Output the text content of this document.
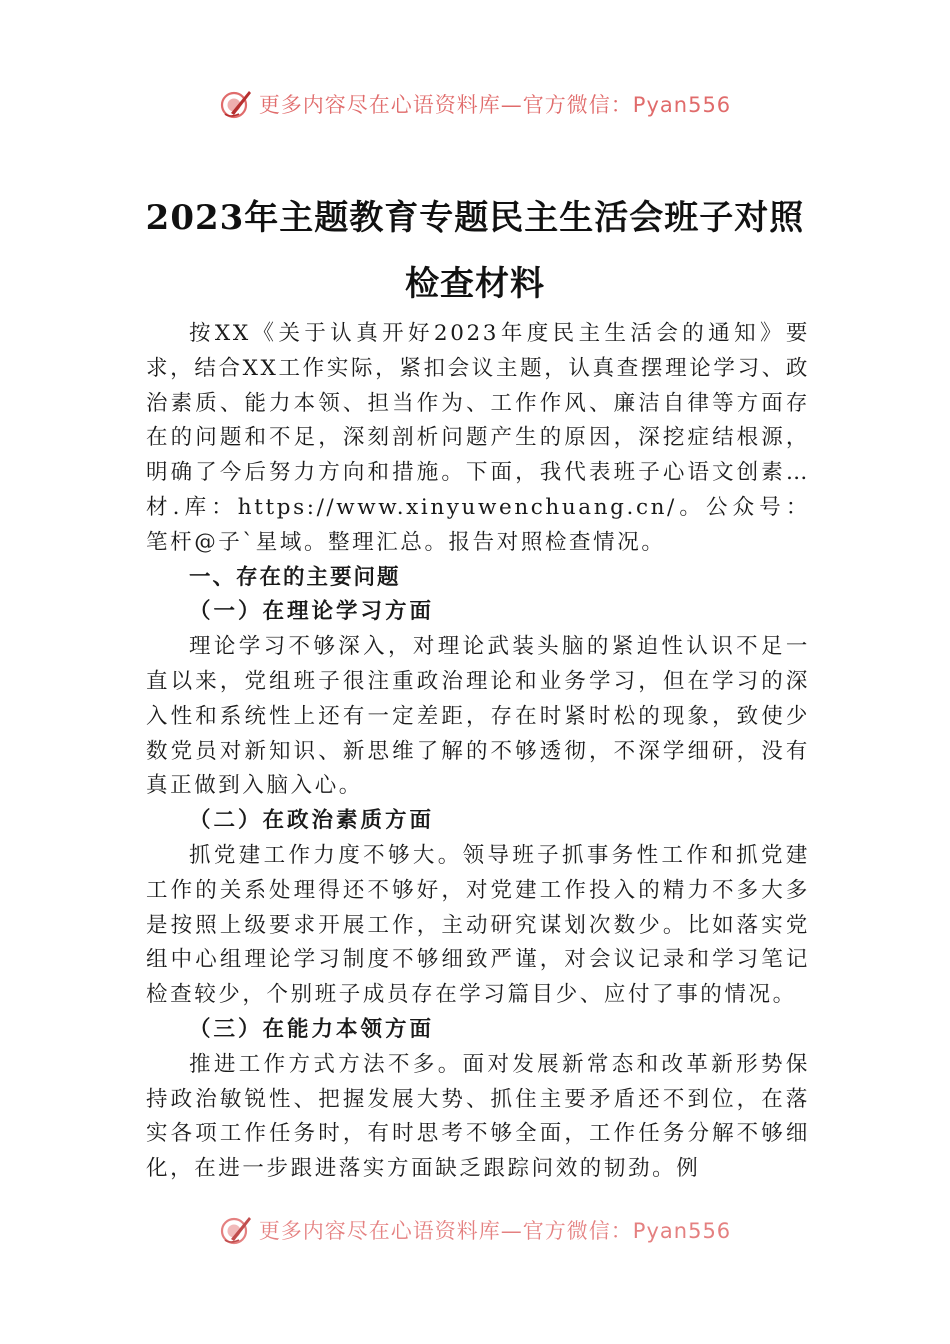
更多内容尽在心语资料库—官方微信：Pyan556
2023年主题教育专题民主生活会班子对照
检查材料

按XX《关于认真开好2023年度民主生活会的通知》要求，结合XX工作实际，紧扣会议主题，认真查摆理论学习、政治素质、能力本领、担当作为、工作作风、廉洁自律等方面存在的问题和不足，深刻剖析问题产生的原因，深挖症结根源，明确了今后努力方向和措施。下面，我代表班子心语文创素…材.库：https://www.xinyuwenchuang.cn/。公众号：笔杆@子`星域。整理汇总。报告对照检查情况。

一、存在的主要问题

（一）在理论学习方面

理论学习不够深入，对理论武装头脑的紧迫性认识不足一直以来，党组班子很注重政治理论和业务学习，但在学习的深入性和系统性上还有一定差距，存在时紧时松的现象，致使少数党员对新知识、新思维了解的不够透彻，不深学细研，没有真正做到入脑入心。

（二）在政治素质方面

抓党建工作力度不够大。领导班子抓事务性工作和抓党建工作的关系处理得还不够好，对党建工作投入的精力不多大多是按照上级要求开展工作，主动研究谋划次数少。比如落实党组中心组理论学习制度不够细致严谨，对会议记录和学习笔记检查较少，个别班子成员存在学习篇目少、应付了事的情况。

（三）在能力本领方面

推进工作方式方法不多。面对发展新常态和改革新形势保持政治敏锐性、把握发展大势、抓住主要矛盾还不到位，在落实各项工作任务时，有时思考不够全面，工作任务分解不够细化，在进一步跟进落实方面缺乏跟踪问效的韧劲。例

更多内容尽在心语资料库—官方微信：Pyan556
